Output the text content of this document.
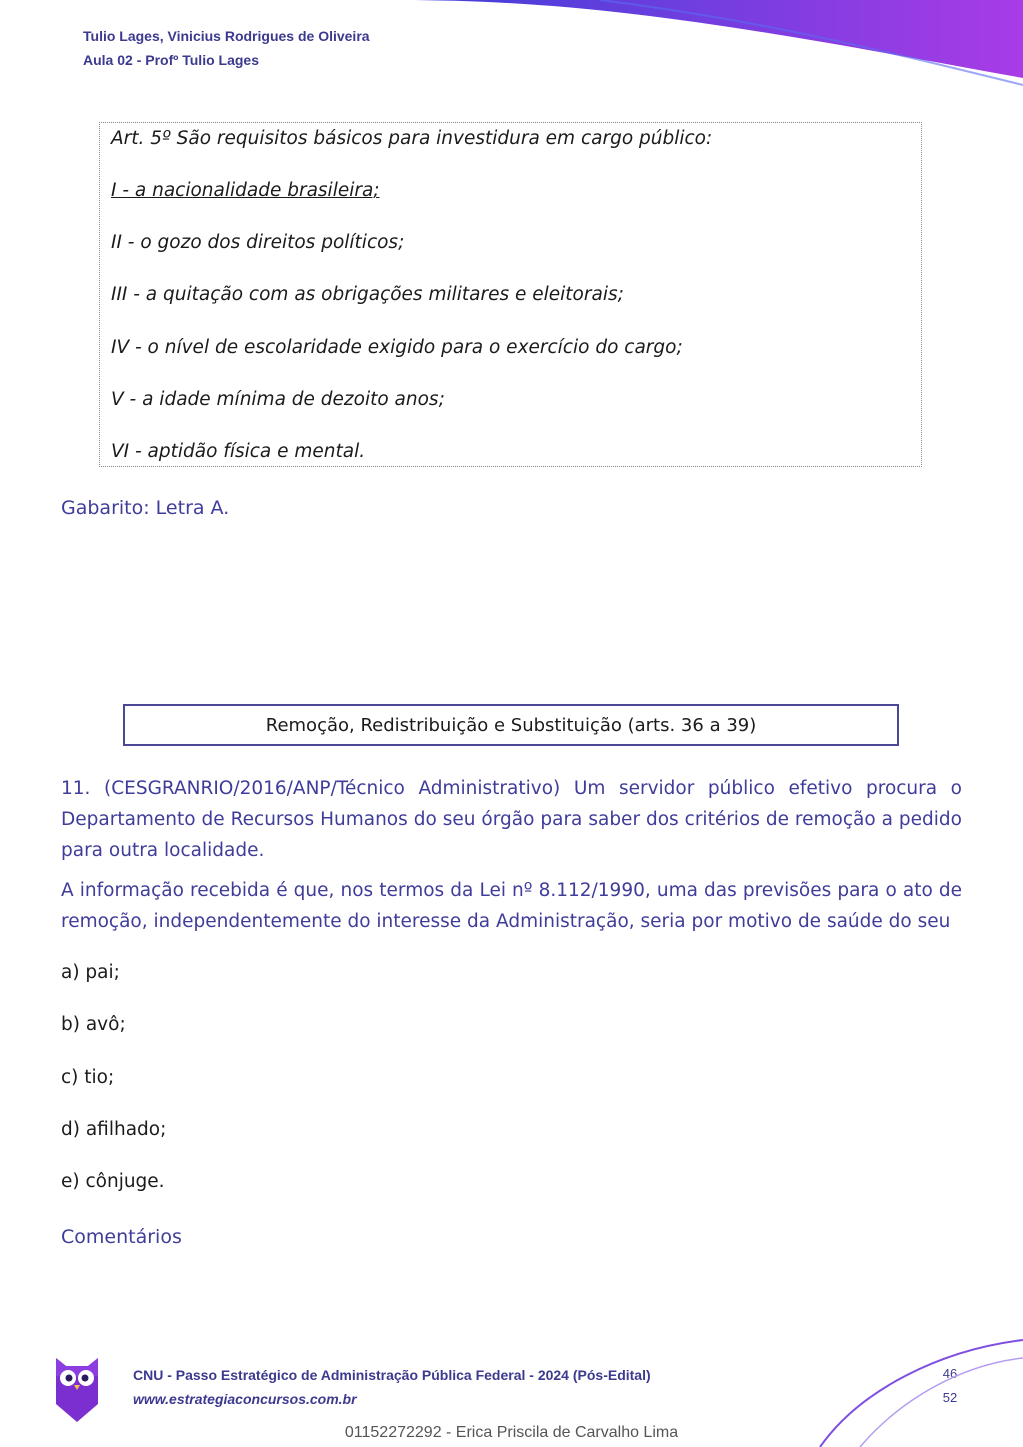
Tulio Lages, Vinicius Rodrigues de Oliveira
Aula 02 - Profº Tulio Lages
Art. 5º São requisitos básicos para investidura em cargo público:
I - a nacionalidade brasileira;
II - o gozo dos direitos políticos;
III - a quitação com as obrigações militares e eleitorais;
IV - o nível de escolaridade exigido para o exercício do cargo;
V - a idade mínima de dezoito anos;
VI - aptidão física e mental.
Gabarito: Letra A.
Remoção, Redistribuição e Substituição (arts. 36 a 39)
11. (CESGRANRIO/2016/ANP/Técnico Administrativo) Um servidor público efetivo procura o
Departamento de Recursos Humanos do seu órgão para saber dos critérios de remoção a pedido
para outra localidade.
A informação recebida é que, nos termos da Lei nº 8.112/1990, uma das previsões para o ato de
remoção, independentemente do interesse da Administração, seria por motivo de saúde do seu
a) pai;
b) avô;
c) tio;
d) afilhado;
e) cônjuge.
Comentários
CNU - Passo Estratégico de Administração Pública Federal - 2024 (Pós-Edital)
www.estrategiaconcursos.com.br
46
52
01152272292 - Erica Priscila de Carvalho Lima
